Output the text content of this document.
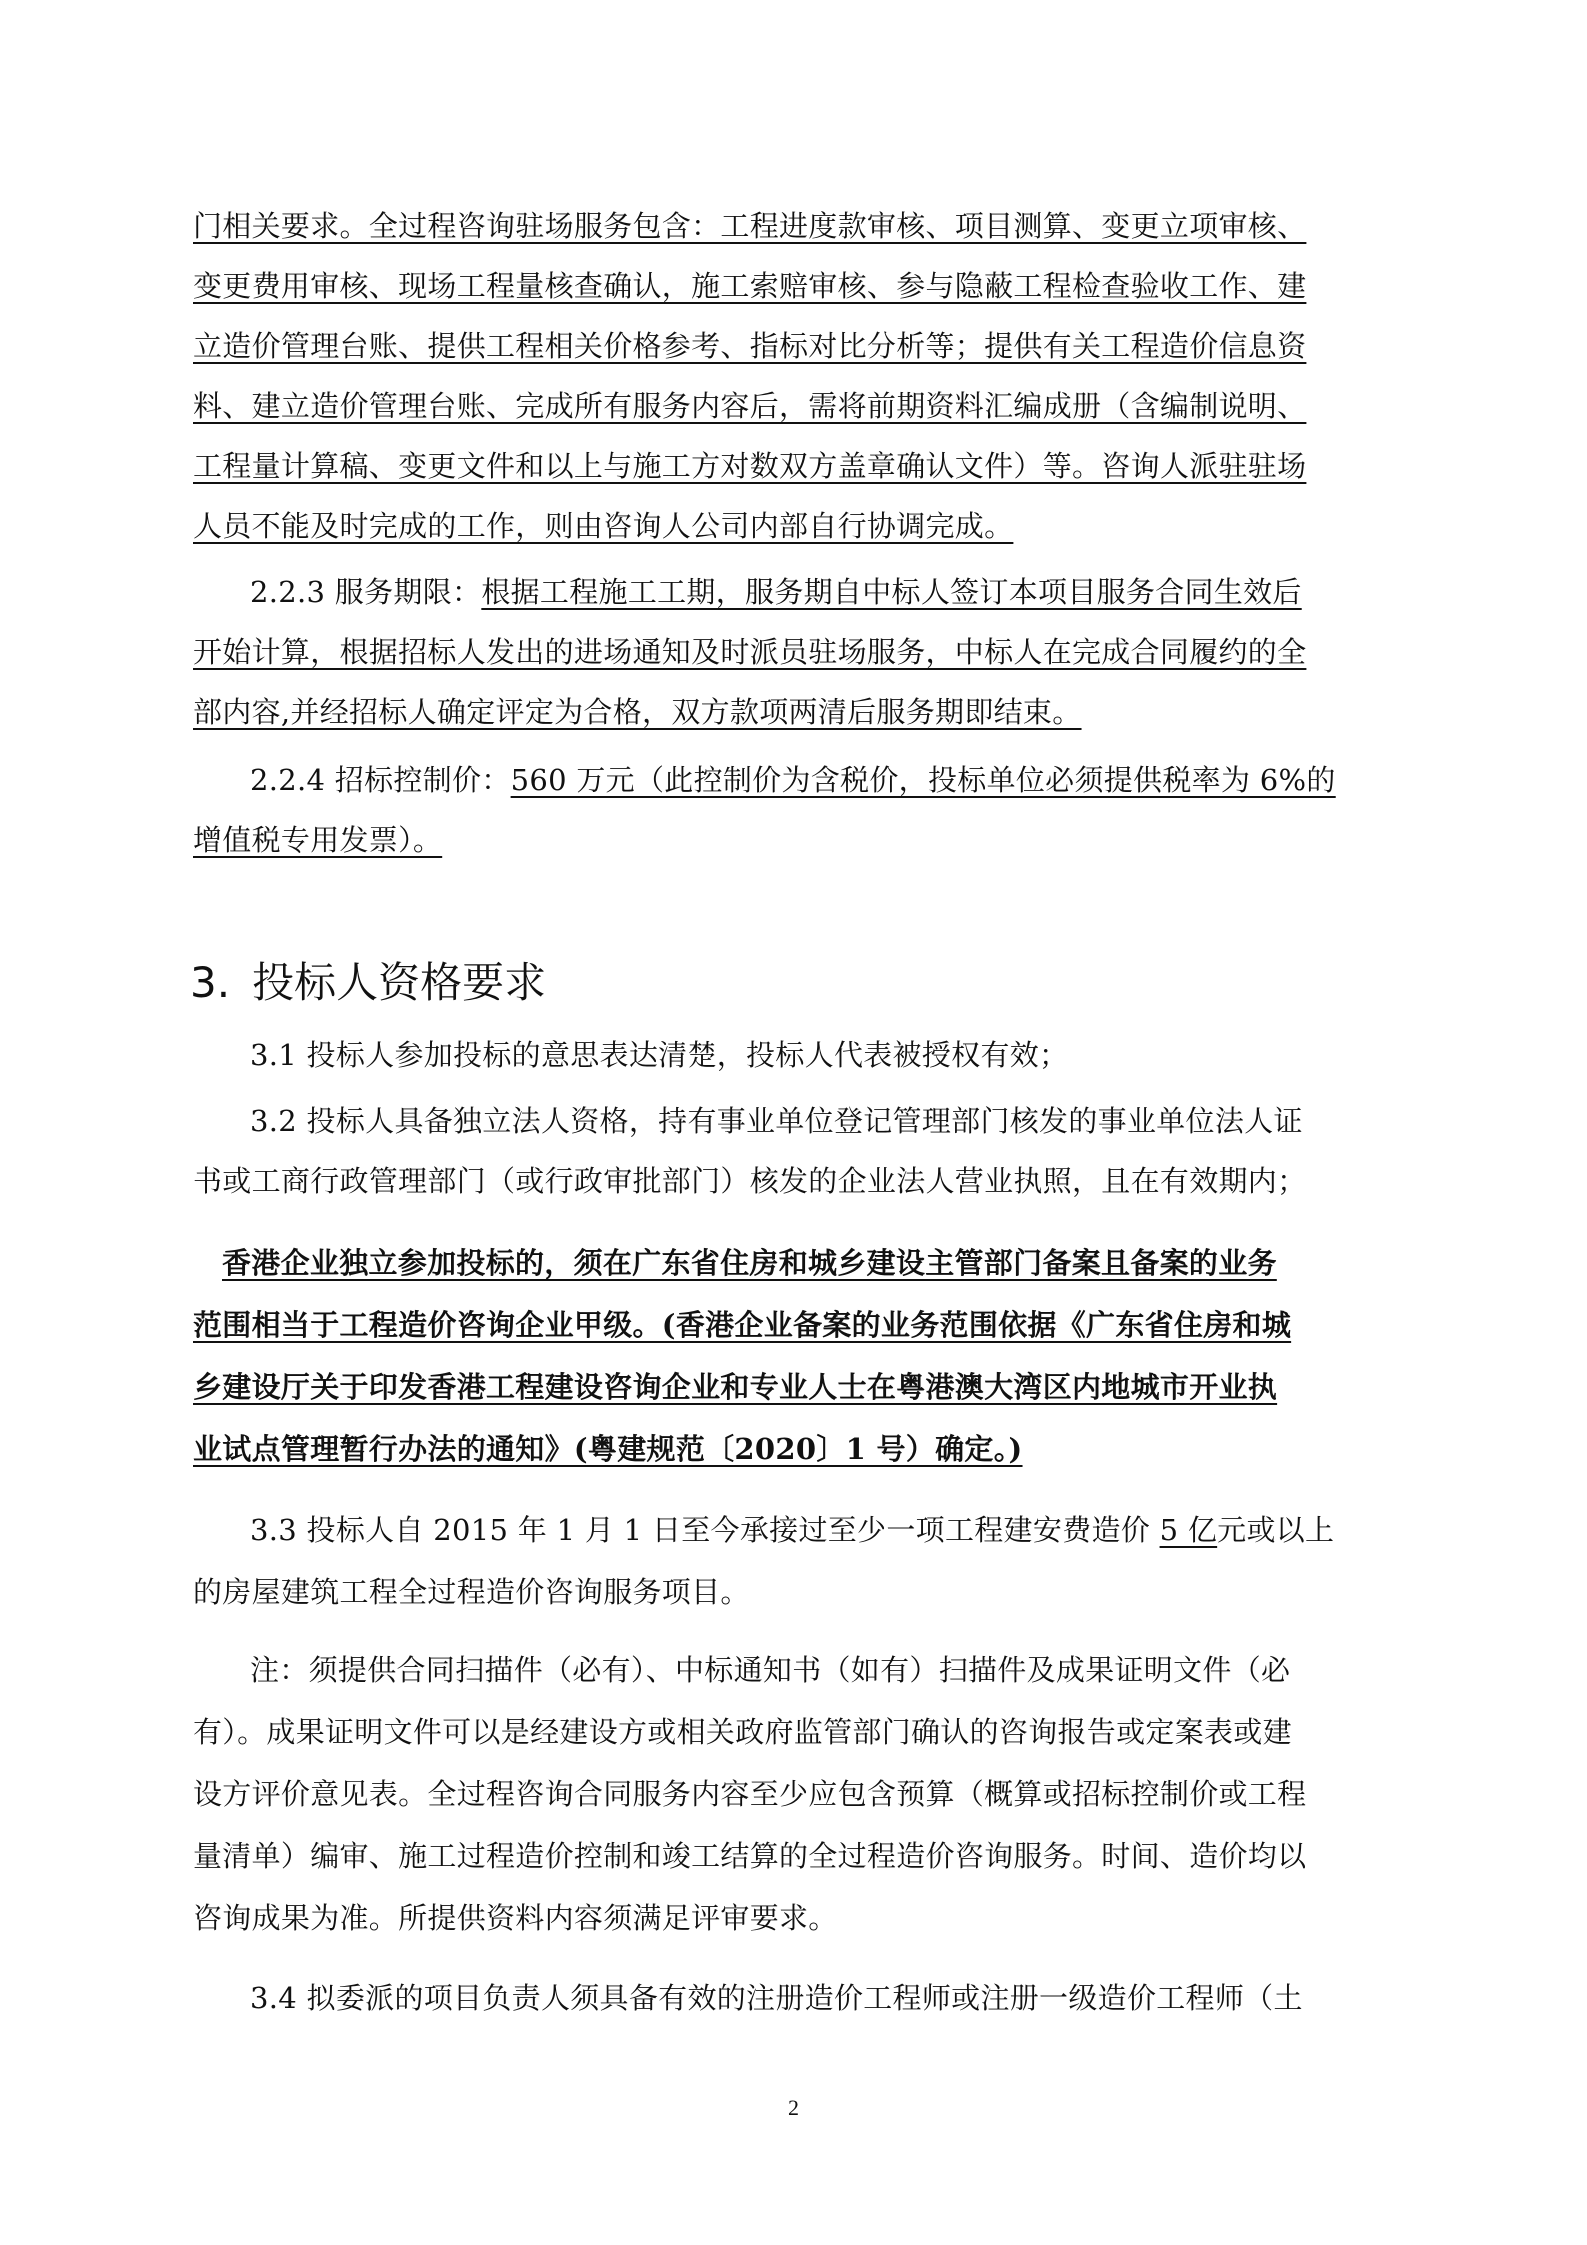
门相关要求。全过程咨询驻场服务包含：工程进度款审核、项目测算、变更立项审核、
变更费用审核、现场工程量核查确认，施工索赔审核、参与隐蔽工程检查验收工作、建
立造价管理台账、提供工程相关价格参考、指标对比分析等；提供有关工程造价信息资
料、建立造价管理台账、完成所有服务内容后，需将前期资料汇编成册（含编制说明、
工程量计算稿、变更文件和以上与施工方对数双方盖章确认文件）等。咨询人派驻驻场
人员不能及时完成的工作，则由咨询人公司内部自行协调完成。
2.2.3 服务期限：根据工程施工工期，服务期自中标人签订本项目服务合同生效后
开始计算，根据招标人发出的进场通知及时派员驻场服务，中标人在完成合同履约的全
部内容,并经招标人确定评定为合格，双方款项两清后服务期即结束。
2.2.4 招标控制价：560 万元（此控制价为含税价，投标单位必须提供税率为 6%的
增值税专用发票）。
3. 投标人资格要求
3.1 投标人参加投标的意思表达清楚，投标人代表被授权有效；
3.2 投标人具备独立法人资格，持有事业单位登记管理部门核发的事业单位法人证
书或工商行政管理部门（或行政审批部门）核发的企业法人营业执照，且在有效期内；
香港企业独立参加投标的，须在广东省住房和城乡建设主管部门备案且备案的业务
范围相当于工程造价咨询企业甲级。(香港企业备案的业务范围依据《广东省住房和城
乡建设厅关于印发香港工程建设咨询企业和专业人士在粤港澳大湾区内地城市开业执
业试点管理暂行办法的通知》(粤建规范〔2020〕1 号）确定。)
3.3 投标人自 2015 年 1 月 1 日至今承接过至少一项工程建安费造价 5 亿元或以上
的房屋建筑工程全过程造价咨询服务项目。
注：须提供合同扫描件（必有）、中标通知书（如有）扫描件及成果证明文件（必
有）。成果证明文件可以是经建设方或相关政府监管部门确认的咨询报告或定案表或建
设方评价意见表。全过程咨询合同服务内容至少应包含预算（概算或招标控制价或工程
量清单）编审、施工过程造价控制和竣工结算的全过程造价咨询服务。时间、造价均以
咨询成果为准。所提供资料内容须满足评审要求。
3.4 拟委派的项目负责人须具备有效的注册造价工程师或注册一级造价工程师（土
2
